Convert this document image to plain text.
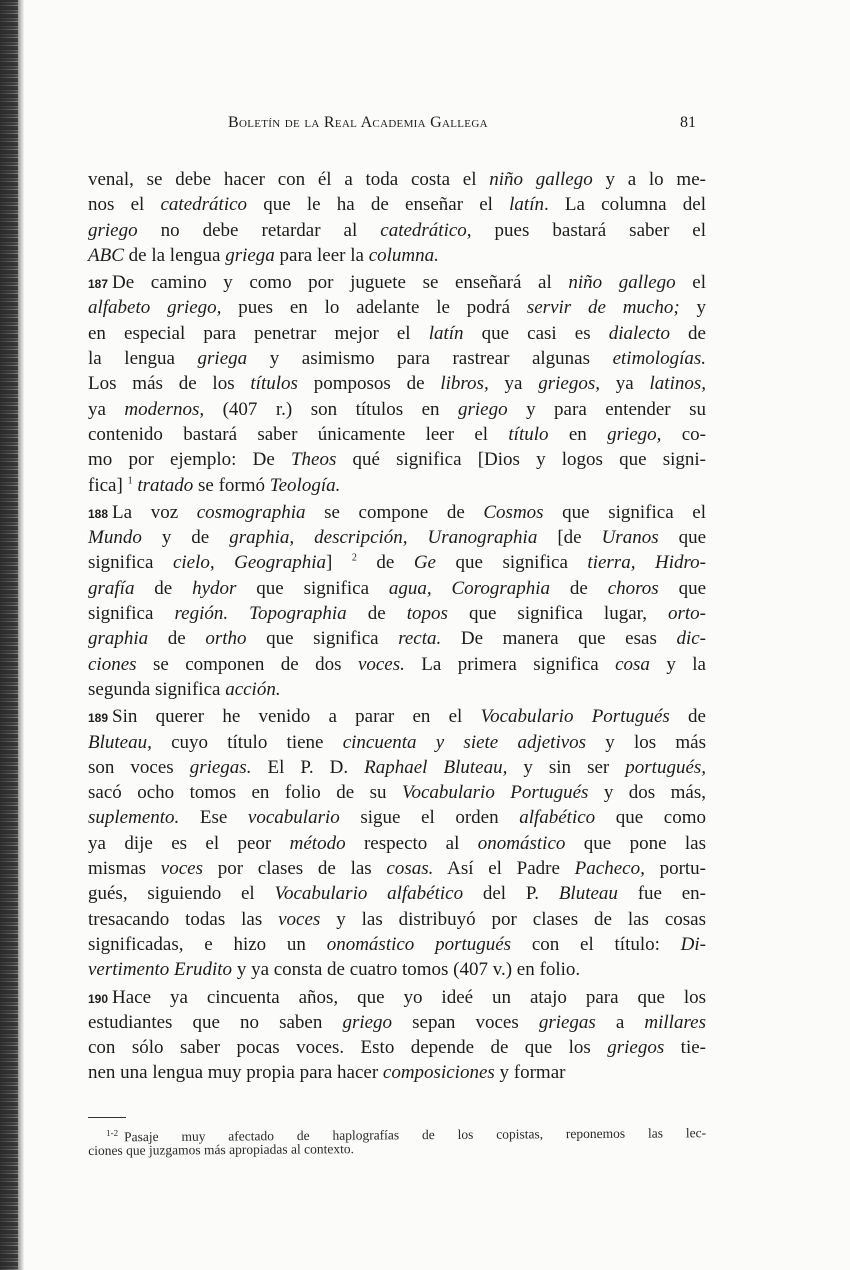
Boletín de la Real Academia Gallega	81
venal, se debe hacer con él a toda costa el niño gallego y a lo me-
nos el catedrático que le ha de enseñar el latín. La columna del
griego no debe retardar al catedrático, pues bastará saber el
ABC de la lengua griega para leer la columna.
187 De camino y como por juguete se enseñará al niño gallego el
alfabeto griego, pues en lo adelante le podrá servir de mucho; y
en especial para penetrar mejor el latín que casi es dialecto de
la lengua griega y asimismo para rastrear algunas etimologías.
Los más de los títulos pomposos de libros, ya griegos, ya latinos,
ya modernos, (407 r.) son títulos en griego y para entender su
contenido bastará saber únicamente leer el título en griego, co-
mo por ejemplo: De Theos qué significa [Dios y logos que signi-
fica] $^1$ tratado se formó Teología.
188 La voz cosmographia se compone de Cosmos que significa el
Mundo y de graphia, descripción, Uranographia [de Uranos que
significa cielo, Geographia] $^2$ de Ge que significa tierra, Hidro-
grafía de hydor que significa agua, Corographia de choros que
significa región. Topographia de topos que significa lugar, orto-
graphia de ortho que significa recta. De manera que esas dic-
ciones se componen de dos voces. La primera significa cosa y la
segunda significa acción.
189 Sin querer he venido a parar en el Vocabulario Portugués de
Bluteau, cuyo título tiene cincuenta y siete adjetivos y los más
son voces griegas. El P. D. Raphael Bluteau, y sin ser portugués,
sacó ocho tomos en folio de su Vocabulario Portugués y dos más,
suplemento. Ese vocabulario sigue el orden alfabético que como
ya dije es el peor método respecto al onomástico que pone las
mismas voces por clases de las cosas. Así el Padre Pacheco, portu-
gués, siguiendo el Vocabulario alfabético del P. Bluteau fue en-
tresacando todas las voces y las distribuyó por clases de las cosas
significadas, e hizo un onomástico portugués con el título: Di-
vertimento Erudito y ya consta de cuatro tomos (407 v.) en folio.
190 Hace ya cincuenta años, que yo ideé un atajo para que los
estudiantes que no saben griego sepan voces griegas a millares
con sólo saber pocas voces. Esto depende de que los griegos tie-
nen una lengua muy propia para hacer composiciones y formar
$^{1-2}$ Pasaje muy afectado de haplografías de los copistas, reponemos las lec-
ciones que juzgamos más apropiadas al contexto.
